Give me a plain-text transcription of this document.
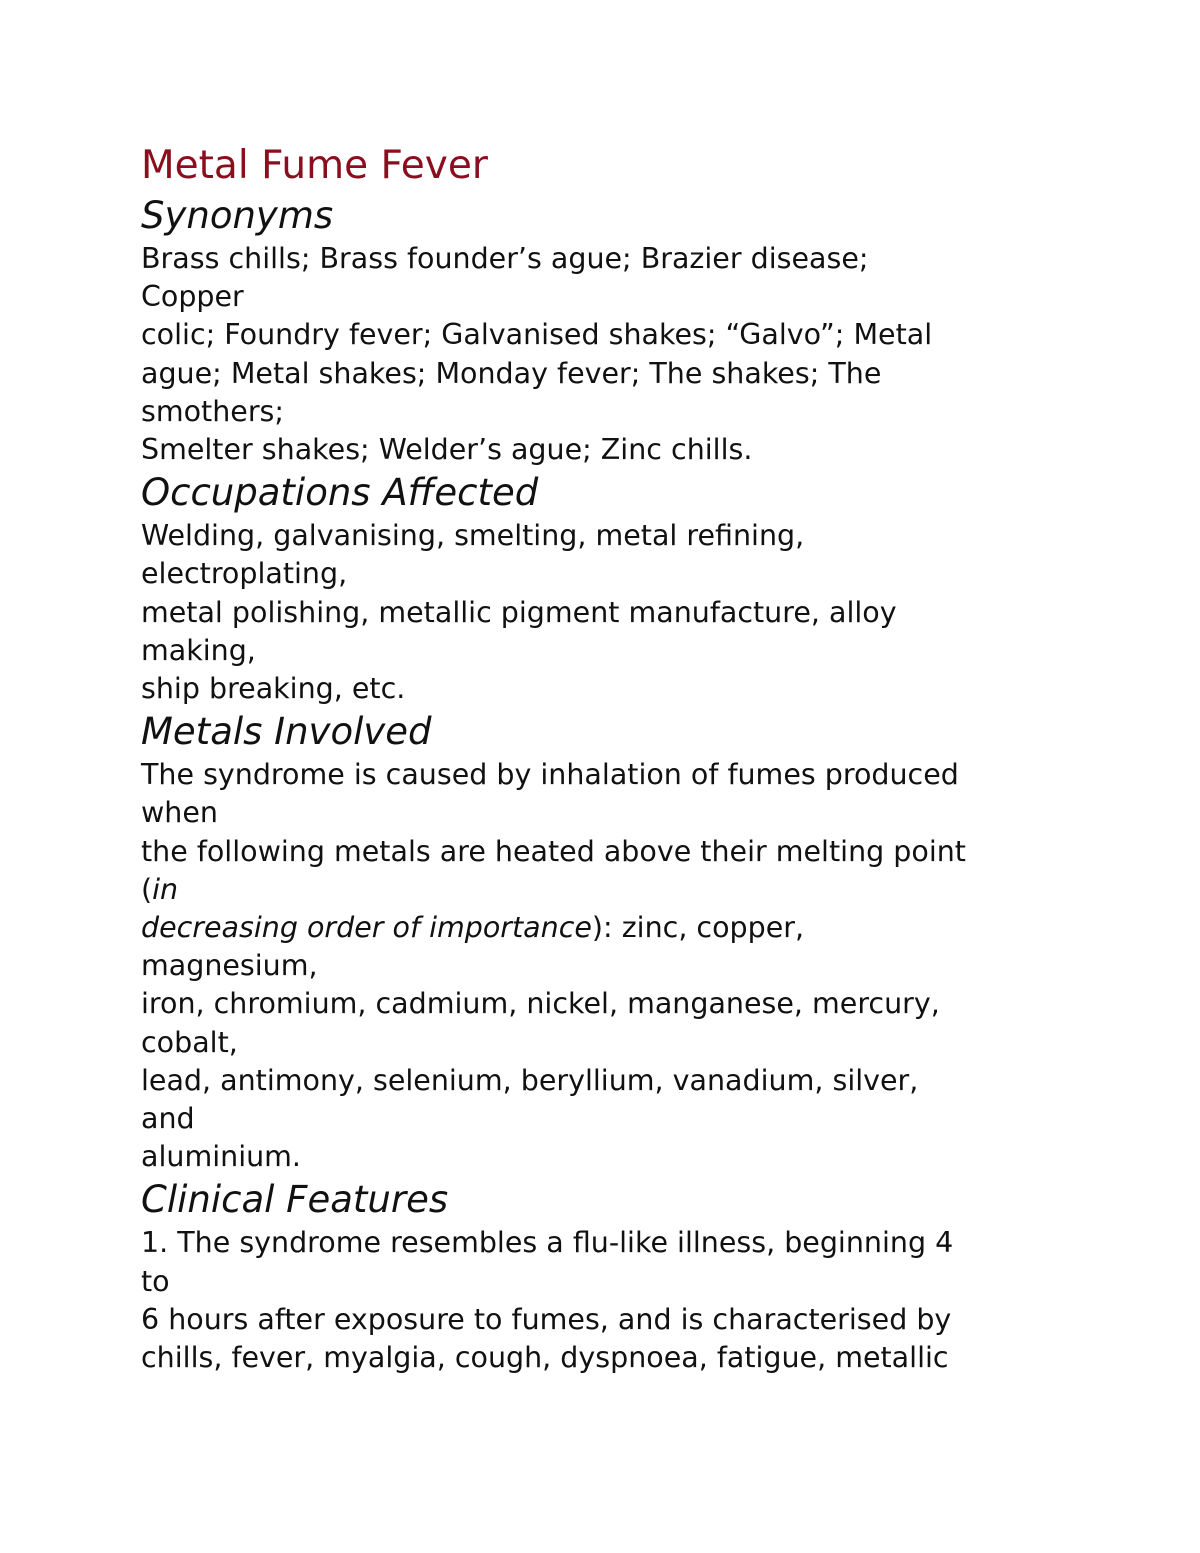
Metal Fume Fever
Synonyms

Brass chills; Brass founder’s ague; Brazier disease;

Copper

colic; Foundry fever; Galvanised shakes; “Galvo”; Metal

ague; Metal shakes; Monday fever; The shakes; The

smothers;

Smelter shakes; Welder’s ague; Zinc chills.

Occupations Affected

Welding, galvanising, smelting, metal refining,

electroplating,

metal polishing, metallic pigment manufacture, alloy

making,

ship breaking, etc.

Metals Involved

The syndrome is caused by inhalation of fumes produced

when

the following metals are heated above their melting point

(in

decreasing order of importance): zinc, copper,

magnesium,

iron, chromium, cadmium, nickel, manganese, mercury,

cobalt,

lead, antimony, selenium, beryllium, vanadium, silver,

and

aluminium.

Clinical Features

1. The syndrome resembles a flu-like illness, beginning 4

to

6 hours after exposure to fumes, and is characterised by

chills, fever, myalgia, cough, dyspnoea, fatigue, metallic
